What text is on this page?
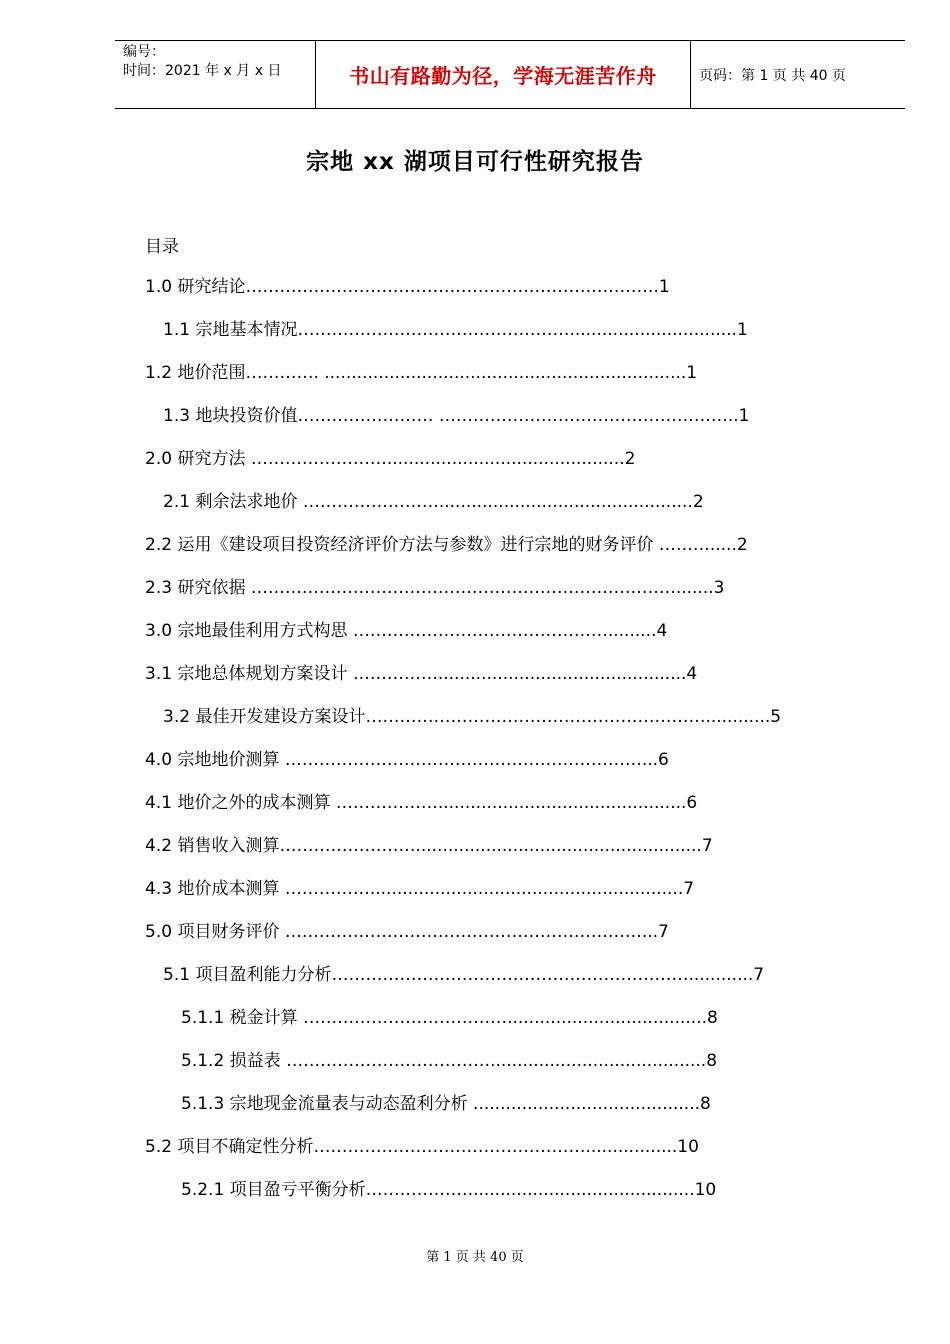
编号：
时间：2021 年 x 月 x 日	书山有路勤为径，学海无涯苦作舟	页码：第 1 页 共 40 页
宗地 xx 湖项目可行性研究报告
目录
1.0 研究结论……………………………………………………………….1
1.1 宗地基本情况…………………………………………...............................1
1.2 地价范围…………. ...................................................................1
1.3 地块投资价值…………………… ……………………………………………..1
2.0 研究方法 ……………………............................................2
2.1 剩余法求地价 ……………………...............................................2
2.2 运用《建设项目投资经济评价方法与参数》进行宗地的财务评价 ……….....2
2.3 研究依据 ………………………………………………………………….......3
3.0 宗地最佳利用方式构思 ……………………………………….........4
3.1 宗地总体规划方案设计 ……………..............................................4
3.2 最佳开发建设方案设计……………………………………………………............5
4.0 宗地地价测算 ………………………………………………………...6
4.1 地价之外的成本测算 ………………..............................................6
4.2 销售收入测算…………………….....................................................7
4.3 地价成本测算 ……………..........................................................7
5.0 项目财务评价 ………………………………………………………...7
5.1 项目盈利能力分析………………………………………………………............7
5.1.1 税金计算 ……………………………….....................................8
5.1.2 损益表 ………………………………........................................8
5.1.3 宗地现金流量表与动态盈利分析 ..........................................8
5.2 项目不确定性分析………………………………………….................10
5.2.1 项目盈亏平衡分析………………..........................................10
第 1 页 共 40 页
